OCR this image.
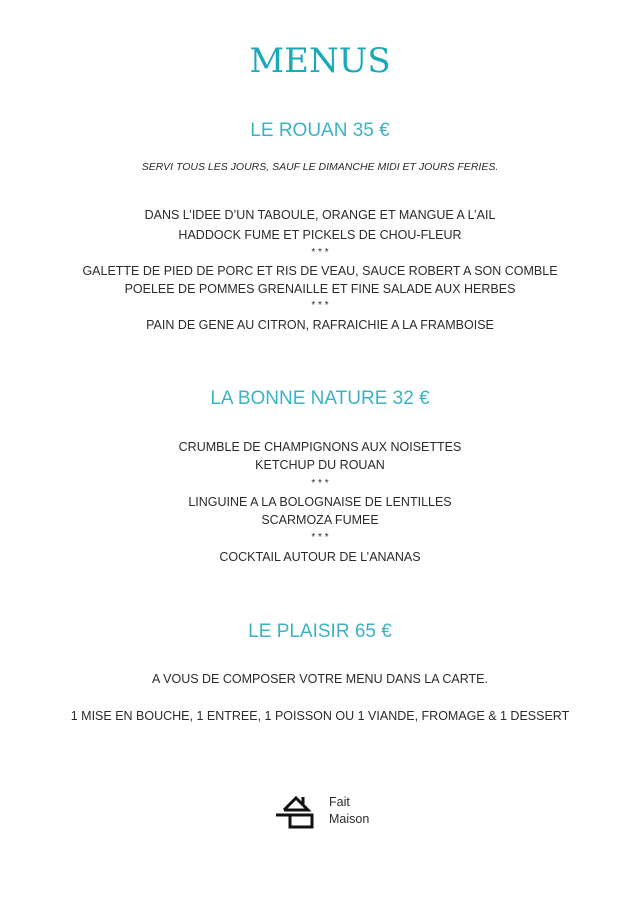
MENUS
LE ROUAN 35 €
SERVI TOUS LES JOURS, SAUF LE DIMANCHE MIDI ET JOURS FERIES.
DANS L’IDEE D’UN TABOULE, ORANGE ET MANGUE A L’AIL
HADDOCK FUME ET PICKELS DE CHOU-FLEUR
* * *
GALETTE DE PIED DE PORC ET RIS DE VEAU, SAUCE ROBERT A SON COMBLE
POELEE DE POMMES GRENAILLE ET FINE SALADE AUX HERBES
* * *
PAIN DE GENE AU CITRON, RAFRAICHIE A LA FRAMBOISE
LA BONNE NATURE 32 €
CRUMBLE DE CHAMPIGNONS AUX NOISETTES
KETCHUP DU ROUAN
* * *
LINGUINE A LA BOLOGNAISE DE LENTILLES
SCARMOZA FUMEE
* * *
COCKTAIL AUTOUR DE L’ANANAS
LE PLAISIR 65 €
A VOUS DE COMPOSER VOTRE MENU DANS LA CARTE.
1 MISE EN BOUCHE, 1 ENTREE, 1 POISSON OU 1 VIANDE, FROMAGE & 1 DESSERT
Fait
Maison
